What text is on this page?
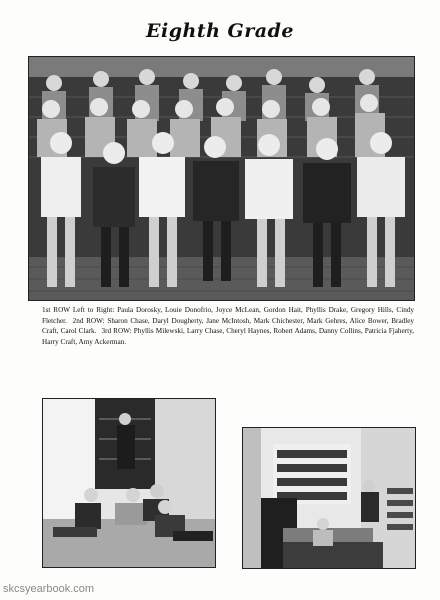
Eighth Grade
1st ROW Left to Right: Paula Dorosky, Louie Donofrio, Joyce McLean, Gordon Hait, Phyllis Drake, Gregory Hills, Cindy Fletcher. 2nd ROW: Sharon Chase, Daryl Dougherty, Jane McIntosh, Mark Chichester, Mark Gehres, Alice Bower, Bradley Craft, Carol Clark. 3rd ROW: Phyllis Milewski, Larry Chase, Cheryl Haynes, Robert Adams, Danny Collins, Patricia Fjaherty, Harry Craft, Amy Ackerman.
skcsyearbook.com
